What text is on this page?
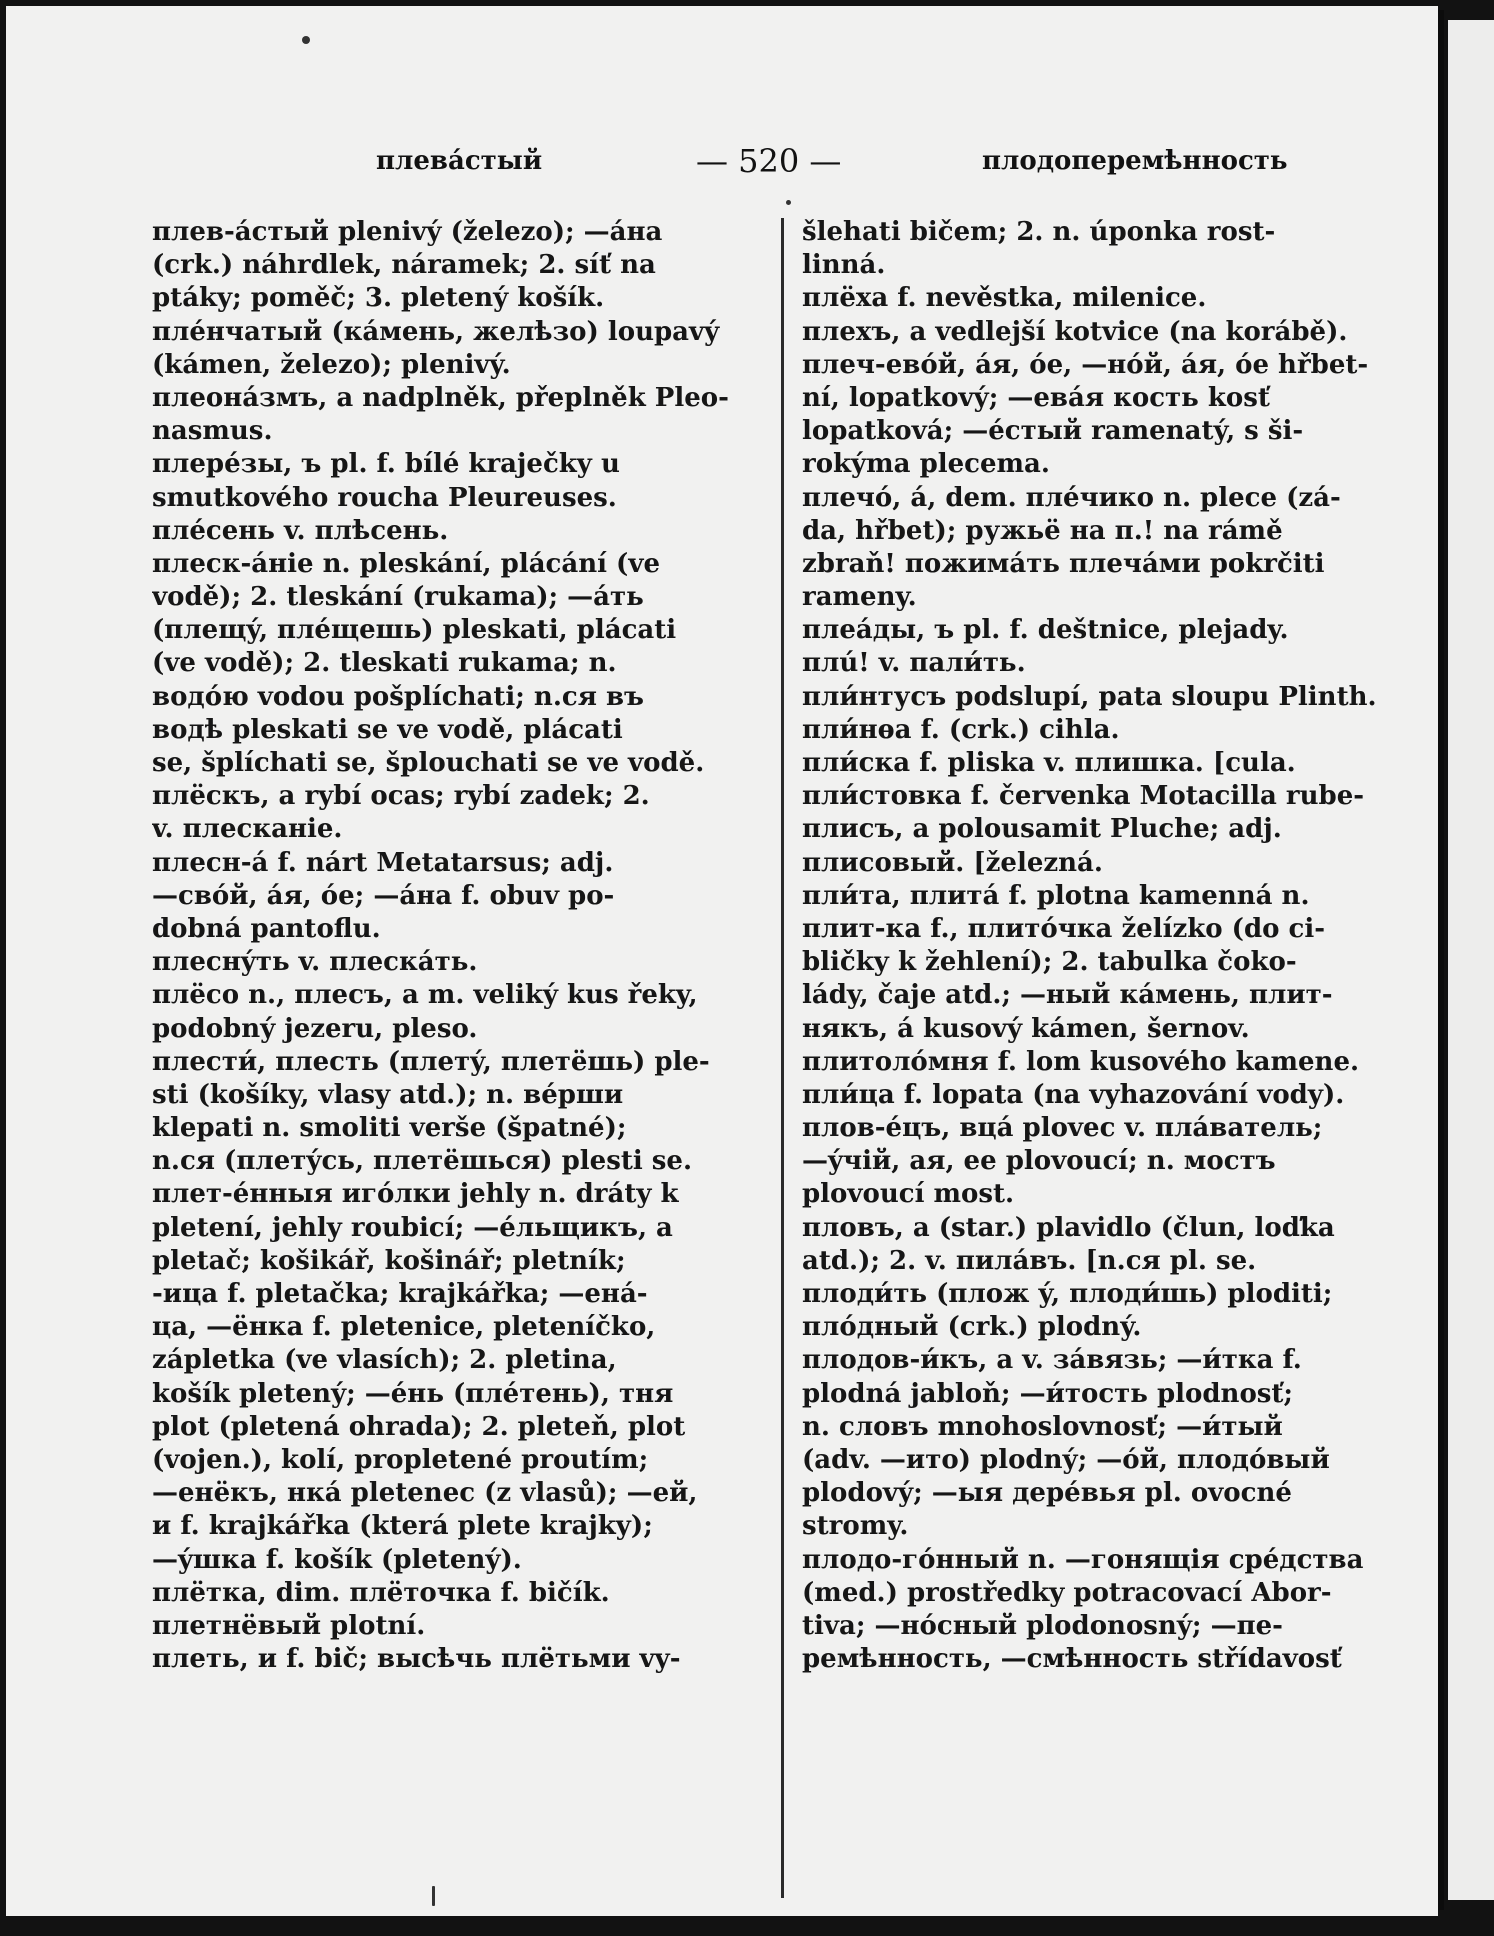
плевáстый	— 520 —	плодоперемѣнность
плев-áстый plenivý (železo); —áна
(crk.) náhrdlek, náramek; 2. síť na
ptáky; poměč; 3. pletený košík.
плéнчатый (кáмень, желѣзо) loupavý
(kámen, železo); plenivý.
плеонáзмъ, a nadplněk, přeplněk Pleo-
nasmus.
плерéзы, ъ pl. f. bílé kraječky u
smutkového roucha Pleureuses.
плéсень v. плѣсень.
плеск-áніе n. pleskání, plácání (ve
vodě); 2. tleskání (rukama); —áть
(плещý, плéщешь) pleskati, plácati
(ve vodě); 2. tleskati rukama; n.
водóю vodou pošplíchati; n.ся въ
водѣ pleskati se ve vodě, plácati
se, šplíchati se, šplouchati se ve vodě.
плёскъ, a rybí ocas; rybí zadek; 2.
v. плесканіе.
плесн-á f. nárt Metatarsus; adj.
—свóй, áя, óе; —áна f. obuv po-
dobná pantoflu.
плеснýть v. плескáть.
плёсо n., плесъ, a m. veliký kus řeky,
podobný jezeru, pleso.
плести́, плесть (плетý, плетёшь) ple-
sti (košíky, vlasy atd.); n. вéрши
klepati n. smoliti verše (špatné);
n.ся (плетýсь, плетёшься) plesti se.
плет-éнныя игóлки jehly n. dráty k
pletení, jehly roubicí; —éльщикъ, a
pletač; košikář, košinář; pletník;
-ица f. pletačka; krajkářka; —енá-
ца, —ёнка f. pletenice, pleteníčko,
zápletka (ve vlasích); 2. pletina,
košík pletený; —éнь (плéтень), тня
plot (pletená ohrada); 2. pleteň, plot
(vojen.), kolí, propletené proutím;
—енёкъ, нкá pletenec (z vlasů); —ей,
и f. krajkářka (která plete krajky);
—ýшка f. košík (pletený).
плётка, dim. плёточка f. bičík.
плетнёвый plotní.
плеть, и f. bič; высѣчь плётьми vy-
šlehati bičem; 2. n. úponka rost-
linná.
плёха f. nevěstka, milenice.
плехъ, a vedlejší kotvice (na korábě).
плеч-евóй, áя, óе, —нóй, áя, óе hřbet-
ní, lopatkový; —евáя кость kosť
lopatková; —éстый ramenatý, s ši-
rokýma plecema.
плечó, á, dem. плéчико n. plece (zá-
da, hřbet); ружьё на п.! na rámě
zbraň! пожимáть плечáми pokrčiti
rameny.
плеáды, ъ pl. f. deštnice, plejady.
плú! v. пали́ть.
пли́нтусъ podslupí, pata sloupu Plinth.
пли́нѳа f. (crk.) cihla.
пли́ска f. pliska v. плишка. [cula.
пли́стовка f. červenka Motacilla rube-
плисъ, a polousamit Pluche; adj.
плисовый. [železná.
пли́та, плитá f. plotna kamenná n.
плит-ка f., плитóчка želízko (do ci-
bličky k žehlení); 2. tabulka čoko-
lády, čaje atd.; —ный кáмень, плит-
някъ, á kusový kámen, šernov.
плитолóмня f. lom kusového kamene.
пли́ца f. lopata (na vyhazování vody).
плов-éцъ, вцá plovec v. плáватель;
—ýчій, ая, ее plovoucí; n. мостъ
plovoucí most.
пловъ, a (star.) plavidlo (člun, loďka
atd.); 2. v. пилáвъ. [n.ся pl. se.
плоди́ть (плож ý, плоди́шь) ploditi;
плóдный (crk.) plodný.
плодов-и́къ, a v. зáвязь; —и́тка f.
plodná jabloň; —и́тость plodnosť;
n. словъ mnohoslovnosť; —и́тый
(adv. —ито) plodný; —óй, плодóвый
plodový; —ыя дерéвья pl. ovocné
stromy.
плодо-гóнный n. —гонящія срéдства
(med.) prostředky potracovací Abor-
tiva; —нóсный plodonosný; —пе-
ремѣнность, —смѣнность střídavosť
